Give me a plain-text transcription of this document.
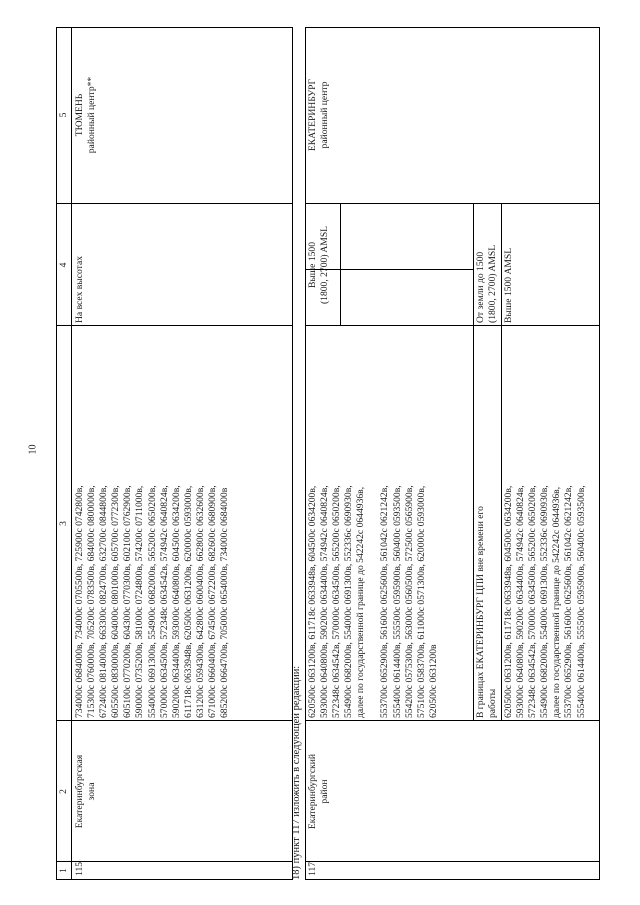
10
1
2
3
4
5
115
Екатеринбургская зона
734000с 0684000в, 734000с 0705500в, 725900с 0742800в, 715300с 0760000в, 705200с 0783500в, 684000с 0800000в, 672400с 0814000в, 663300с 0824700в, 632700с 0844800в, 605500с 0830000в, 604000с 0801000в, 605700с 0772300в, 605100с 0770200в, 604300с 0770300в, 602100с 0762900в, 590000с 0735200в, 581000с 0724800в, 574200с 0711000в, 554000с 0691300в, 554900с 0682000в, 565200с 0650200в, 570000с 0634500в, 572348с 0634542в, 574942с 0640824в, 590200с 0634400в, 593000с 0640800в, 604500с 0634200в, 611718с 0633948в, 620500с 0631200в, 620000с 0593000в, 631200с 0594300в, 642800с 0600400в, 662800с 0632600в, 671000с 0660400в, 674500с 0672200в, 682600с 0680900в, 685200с 0664700в, 705000с 0654000в, 734000с 0684000в
На всех высотах
ТЮМЕНЬ районный центр**
18) пункт 117 изложить в следующей редакции: 117
Екатеринбургский район
620500с 0631200в, 611718с 0633948в, 604500с 0634200в, 593000с 0640800в, 590200с 0634400в, 574942с 0640824в, 572348с 0634542в, 570000с 0634500в, 565200с 0650200в, 554900с 0682000в, 554000с 0691300в, 552336с 0690930в, далее по государственной границе до 542242с 0644936в, 553700с 0652900в, 561600с 0625600в, 561042с 0621242в, 555400с 0614400в, 555500с 0595900в, 560400с 0593500в, 554200с 0575300в, 563000с 0560500в, 572500с 0565900в, 575100с 0583700в, 611000с 0571300в, 620000с 0593000в, 620500с 0631200в
Выше 1500 (1800, 2700) AMSL
В границах ЕКАТЕРИНБУРГ ЦПИ вне времени его работы
От земли до 1500 (1800, 2700) AMSL
620500с 0631200в, 611718с 0633948в, 604500с 0634200в, 593000с 0640800в, 590200с 0634400в, 574942с 0640824в, 572348с 0634542в, 570000с 0634500в, 565200с 0650200в, 554900с 0682000в, 554000с 0691300в, 552336с 0690930в, далее по государственной границе до 542242с 0644936в, 553700с 0652900в, 561600с 0625600в, 561042с 0621242в, 555400с 0614400в, 555500с 0595900в, 560400с 0593500в,
Выше 1500 AMSL
ЕКАТЕРИНБУРГ районный центр
